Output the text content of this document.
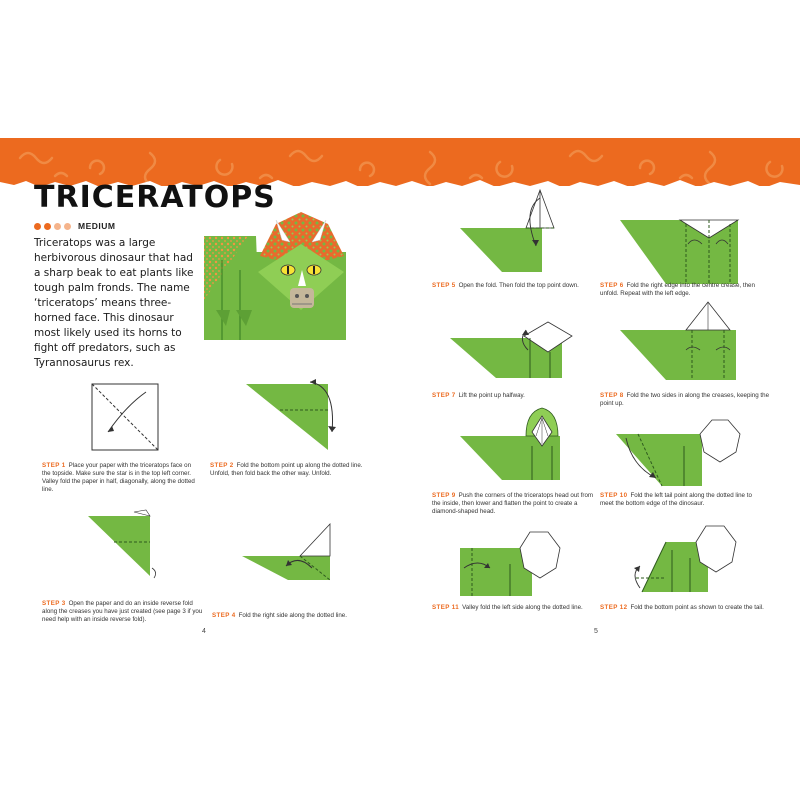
TRICERATOPS
MEDIUM

Triceratops was a large herbivorous dinosaur that had a sharp beak to eat plants like tough palm fronds. The name ‘triceratops’ means three-horned face. This dinosaur most likely used its horns to fight off predators, such as Tyrannosaurus rex.

STEP 1 Place your paper with the triceratops face on the topside. Make sure the star is in the top left corner. Valley fold the paper in half, diagonally, along the dotted line.

STEP 2 Fold the bottom point up along the dotted line. Unfold, then fold back the other way. Unfold.

STEP 3 Open the paper and do an inside reverse fold along the creases you have just created (see page 3 if you need help with an inside reverse fold).

STEP 4 Fold the right side along the dotted line.

4

STEP 5 Open the fold. Then fold the top point down.	STEP 6 Fold the right edge into the centre crease, then unfold. Repeat with the left edge.

STEP 7 Lift the point up halfway.	STEP 8 Fold the two sides in along the creases, keeping the point up.

STEP 9 Push the corners of the triceratops head out from the inside, then lower and flatten the point to create a diamond-shaped head.

STEP 10 Fold the left tail point along the dotted line to meet the bottom edge of the dinosaur.

STEP 11 Valley fold the left side along the dotted line.	STEP 12 Fold the bottom point as shown to create the tail.

5
